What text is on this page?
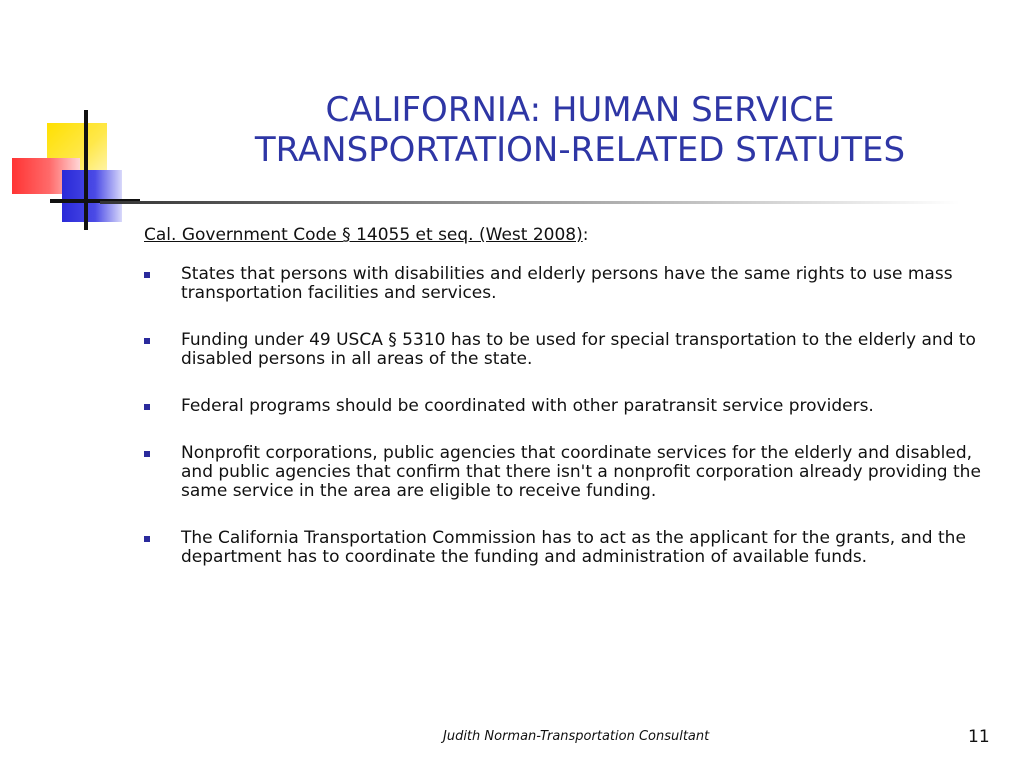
CALIFORNIA: HUMAN SERVICE
TRANSPORTATION-RELATED STATUTES

Cal. Government Code § 14055 et seq. (West 2008):

States that persons with disabilities and elderly persons have the same rights to use mass transportation facilities and services.
Funding under 49 USCA § 5310 has to be used for special transportation to the elderly and to disabled persons in all areas of the state.
Federal programs should be coordinated with other paratransit service providers.
Nonprofit corporations, public agencies that coordinate services for the elderly and disabled, and public agencies that confirm that there isn't a nonprofit corporation already providing the same service in the area are eligible to receive funding.
The California Transportation Commission has to act as the applicant for the grants, and the department has to coordinate the funding and administration of available funds.
Judith Norman-Transportation Consultant	11
